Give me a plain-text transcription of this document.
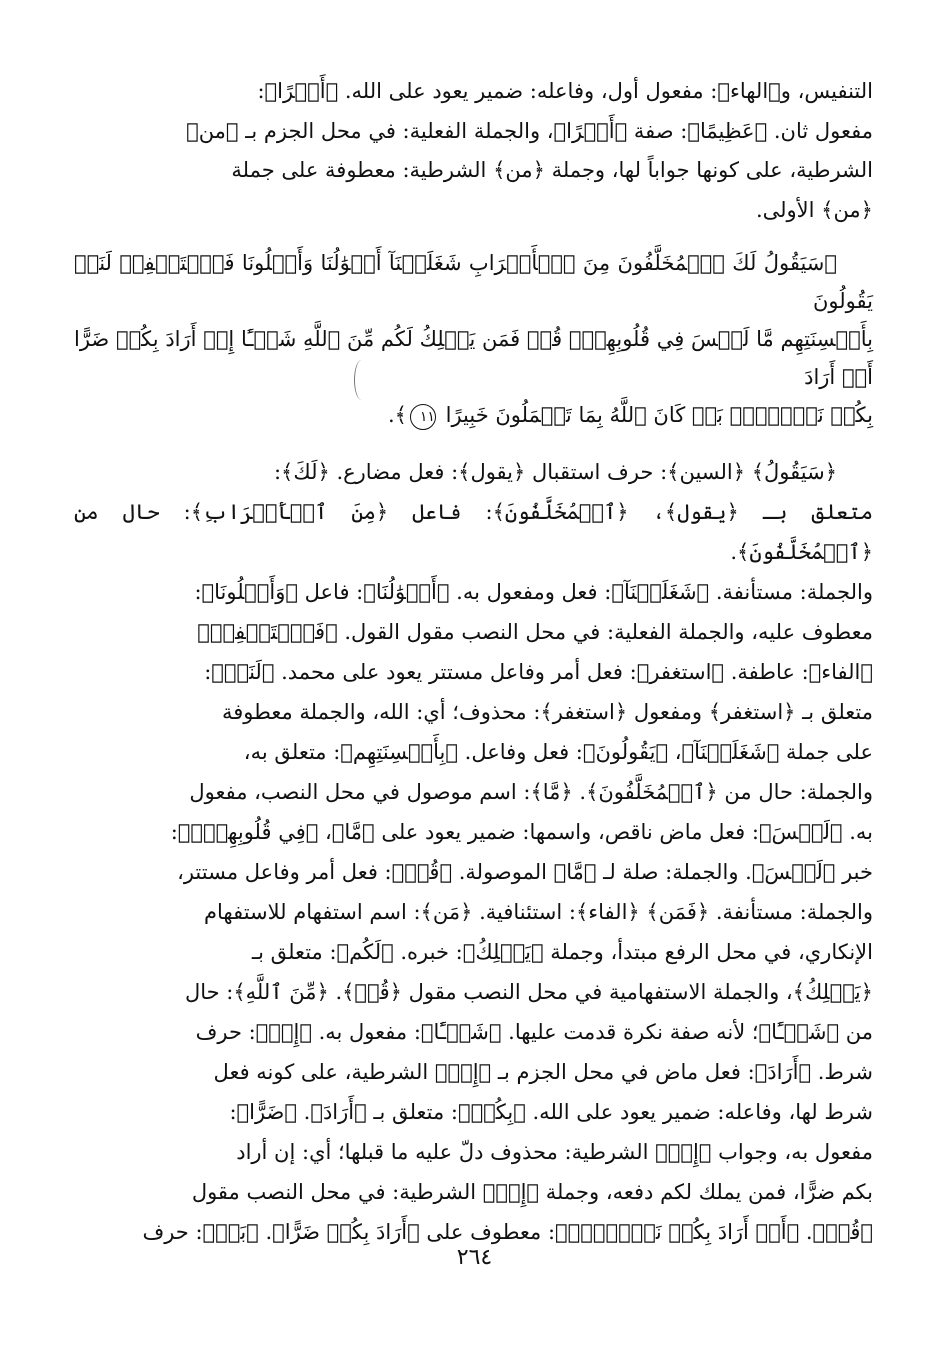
التنفيس، و﴿الهاء﴾: مفعول أول، وفاعله: ضمير يعود على الله. ﴿أَجۡرًا﴾:

مفعول ثان. ﴿عَظِيمًا﴾: صفة ﴿أَجۡرًا﴾، والجملة الفعلية: في محل الجزم بـ ﴿من﴾

الشرطية، على كونها جواباً لها، وجملة ﴿من﴾ الشرطية: معطوفة على جملة

﴿من﴾ الأولى.

﴿سَيَقُولُ لَكَ ٱلۡمُخَلَّفُونَ مِنَ ٱلۡأَعۡرَابِ شَغَلَتۡنَآ أَمۡوَٰلُنَا وَأَهۡلُونَا فَٱسۡتَغۡفِرۡ لَنَاۚ يَقُولُونَ

بِأَلۡسِنَتِهِم مَّا لَيۡسَ فِي قُلُوبِهِمۡۚ قُلۡ فَمَن يَمۡلِكُ لَكُم مِّنَ ٱللَّهِ شَيۡـًٔا إِنۡ أَرَادَ بِكُمۡ ضَرًّا أَوۡ أَرَادَ

بِكُمۡ نَفۡعَۢاۚ بَلۡ كَانَ ٱللَّهُ بِمَا تَعۡمَلُونَ خَبِيرًا ١١﴾.

﴿سَيَقُولُ﴾ ﴿السين﴾: حرف استقبال ﴿يقول﴾: فعل مضارع. ﴿لَكَ﴾:

متعلق بـ ﴿يقول﴾، ﴿ٱلۡمُخَلَّفُونَ﴾: فاعل ﴿مِنَ ٱلۡأَعۡرَابِ﴾: حال من ﴿ٱلۡمُخَلَّفُونَ﴾.

والجملة: مستأنفة. ﴿شَغَلَتۡنَآ﴾: فعل ومفعول به. ﴿أَمۡوَٰلُنَا﴾: فاعل ﴿وَأَهۡلُونَا﴾:

معطوف عليه، والجملة الفعلية: في محل النصب مقول القول. ﴿فَٱسۡتَغۡفِرۡ﴾

﴿الفاء﴾: عاطفة. ﴿استغفر﴾: فعل أمر وفاعل مستتر يعود على محمد. ﴿لَنَاۚ﴾:

متعلق بـ ﴿استغفر﴾ ومفعول ﴿استغفر﴾: محذوف؛ أي: الله، والجملة معطوفة

على جملة ﴿شَغَلَتۡنَآ﴾، ﴿يَقُولُونَ﴾: فعل وفاعل. ﴿بِأَلۡسِنَتِهِم﴾: متعلق به،

والجملة: حال من ﴿ٱلۡمُخَلَّفُونَ﴾. ﴿مَّا﴾: اسم موصول في محل النصب، مفعول

به. ﴿لَيۡسَ﴾: فعل ماض ناقص، واسمها: ضمير يعود على ﴿مَّا﴾، ﴿فِي قُلُوبِهِمۡۚ﴾:

خبر ﴿لَيۡسَ﴾. والجملة: صلة لـ ﴿مَّا﴾ الموصولة. ﴿قُلۡ﴾: فعل أمر وفاعل مستتر،

والجملة: مستأنفة. ﴿فَمَن﴾ ﴿الفاء﴾: استئنافية. ﴿مَن﴾: اسم استفهام للاستفهام

الإنكاري، في محل الرفع مبتدأ، وجملة ﴿يَمۡلِكُ﴾: خبره. ﴿لَكُم﴾: متعلق بـ

﴿يَمۡلِكُ﴾، والجملة الاستفهامية في محل النصب مقول ﴿قُلۡ﴾. ﴿مِّنَ ٱللَّهِ﴾: حال

من ﴿شَيۡـًٔا﴾؛ لأنه صفة نكرة قدمت عليها. ﴿شَيۡـًٔا﴾: مفعول به. ﴿إِنۡ﴾: حرف

شرط. ﴿أَرَادَ﴾: فعل ماض في محل الجزم بـ ﴿إِنۡ﴾ الشرطية، على كونه فعل

شرط لها، وفاعله: ضمير يعود على الله. ﴿بِكُمۡ﴾: متعلق بـ ﴿أَرَادَ﴾. ﴿ضَرًّا﴾:

مفعول به، وجواب ﴿إِنۡ﴾ الشرطية: محذوف دلّ عليه ما قبلها؛ أي: إن أراد

بكم ضرًّا، فمن يملك لكم دفعه، وجملة ﴿إِنۡ﴾ الشرطية: في محل النصب مقول

﴿قُلۡ﴾. ﴿أَوۡ أَرَادَ بِكُمۡ نَفۡعَۢاۚ﴾: معطوف على ﴿أَرَادَ بِكُمۡ ضَرًّا﴾. ﴿بَلۡ﴾: حرف

٢٦٤
